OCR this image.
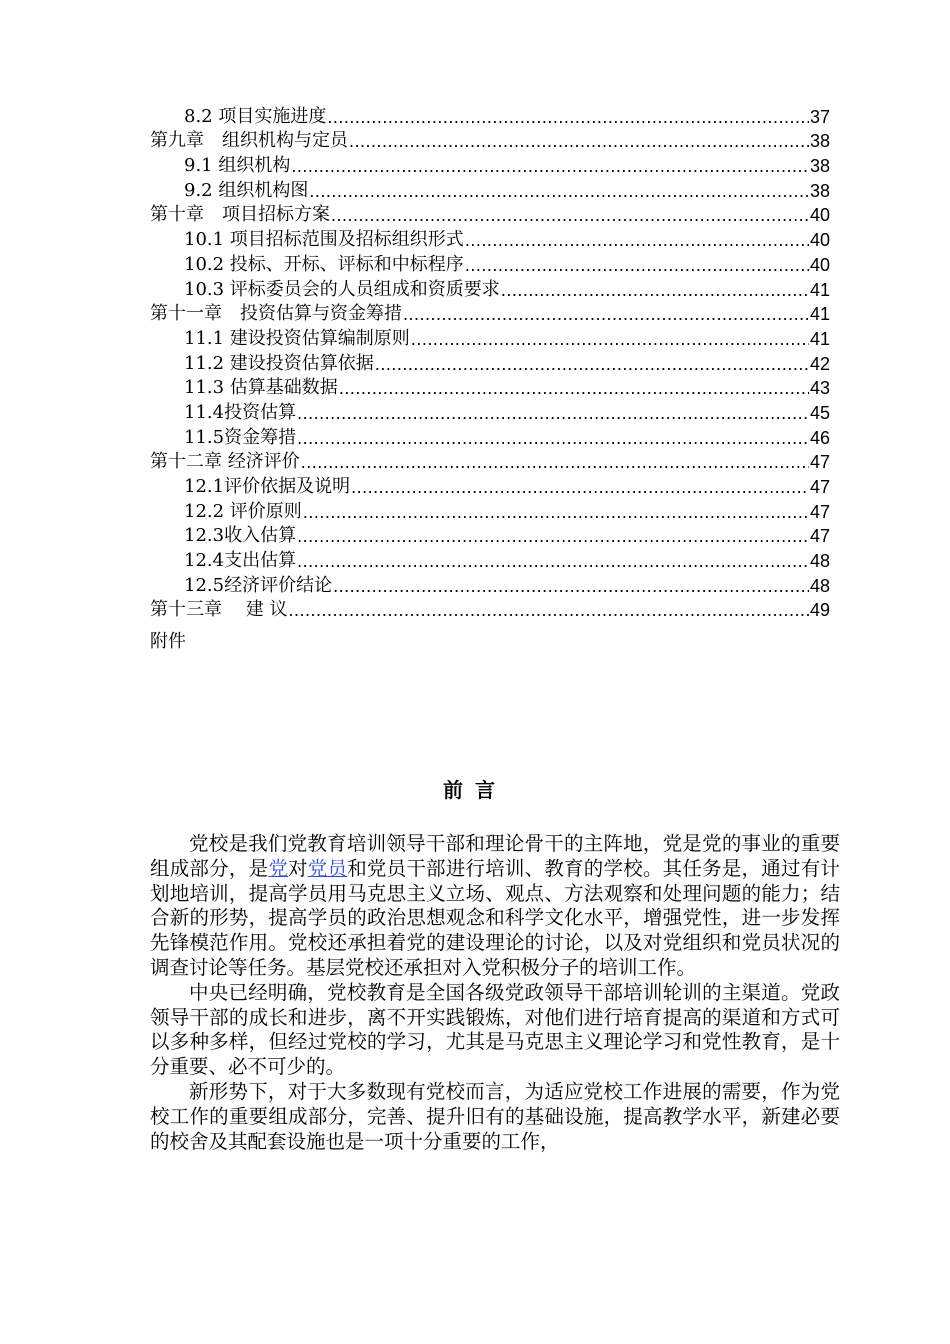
8.2 项目实施进度 .....	37
第九章　组织机构与定员 .....	38
9.1 组织机构 .....	38
9.2 组织机构图 .....	38
第十章　项目招标方案 .....	40
10.1 项目招标范围及招标组织形式 .....	40
10.2 投标、开标、评标和中标程序 .....	40
10.3 评标委员会的人员组成和资质要求 .....	41
第十一章　投资估算与资金筹措 .....	41
11.1 建设投资估算编制原则 .....	41
11.2 建设投资估算依据 .....	42
11.3 估算基础数据 .....	43
11.4投资估算 .....	45
11.5资金筹措 .....	46
第十二章 经济评价 .....	47
12.1评价依据及说明 .....	47
12.2 评价原则 .....	47
12.3收入估算 .....	47
12.4支出估算 .....	48
12.5经济评价结论 .....	48
第十三章　 建 议 .....	49
附件
前言

党校是我们党教育培训领导干部和理论骨干的主阵地，党是党的事业的重要组成部分，是党对党员和党员干部进行培训、教育的学校。其任务是，通过有计划地培训，提高学员用马克思主义立场、观点、方法观察和处理问题的能力；结合新的形势，提高学员的政治思想观念和科学文化水平，增强党性，进一步发挥先锋模范作用。党校还承担着党的建设理论的讨论，以及对党组织和党员状况的调查讨论等任务。基层党校还承担对入党积极分子的培训工作。

中央已经明确，党校教育是全国各级党政领导干部培训轮训的主渠道。党政领导干部的成长和进步，离不开实践锻炼，对他们进行培育提高的渠道和方式可以多种多样，但经过党校的学习，尤其是马克思主义理论学习和党性教育，是十分重要、必不可少的。

新形势下，对于大多数现有党校而言，为适应党校工作进展的需要，作为党校工作的重要组成部分，完善、提升旧有的基础设施，提高教学水平，新建必要的校舍及其配套设施也是一项十分重要的工作，
